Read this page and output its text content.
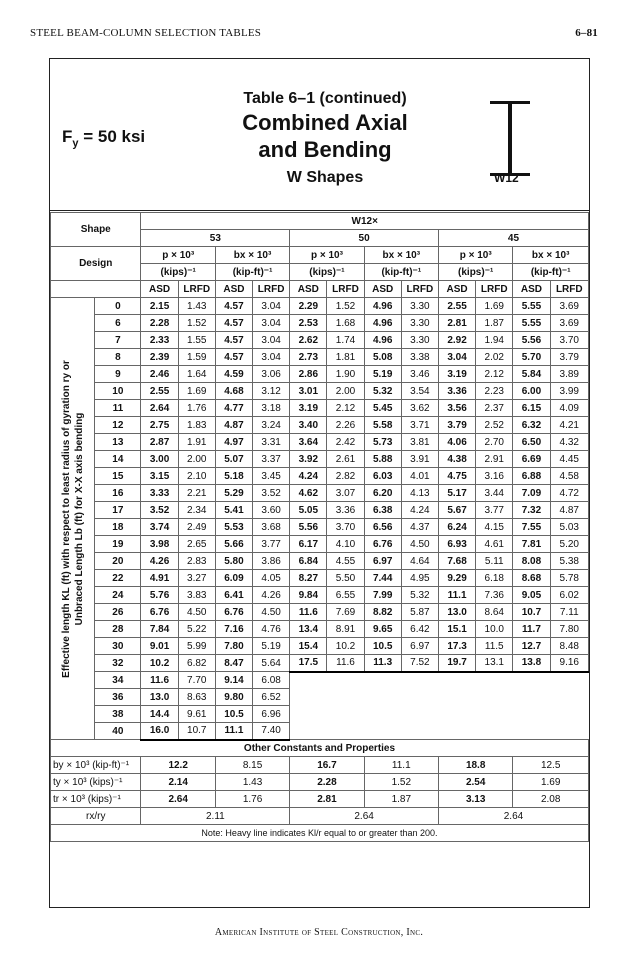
STEEL BEAM-COLUMN SELECTION TABLES	6–81
$F_y = 50$ ksi
Table 6–1 (continued)
Combined Axial
and Bending
W Shapes	W12
Shape		W12×											
		53				50				45			
Design		p × 10³		bx × 10³		p × 10³		bx × 10³		p × 10³		bx × 10³	
		(kips)⁻¹		(kip-ft)⁻¹		(kips)⁻¹		(kip-ft)⁻¹		(kips)⁻¹		(kip-ft)⁻¹	
		ASD	LRFD	ASD	LRFD	ASD	LRFD	ASD	LRFD	ASD	LRFD	ASD	LRFD

Effective length KL (ft) with respect to least radius of gyration ry or Unbraced Length Lb (ft) for X-X axis bending	0	2.15	1.43	4.57	3.04	2.29	1.52	4.96	3.30	2.55	1.69	5.55	3.69
	6	2.28	1.52	4.57	3.04	2.53	1.68	4.96	3.30	2.81	1.87	5.55	3.69
	7	2.33	1.55	4.57	3.04	2.62	1.74	4.96	3.30	2.92	1.94	5.56	3.70
	8	2.39	1.59	4.57	3.04	2.73	1.81	5.08	3.38	3.04	2.02	5.70	3.79
	9	2.46	1.64	4.59	3.06	2.86	1.90	5.19	3.46	3.19	2.12	5.84	3.89
	10	2.55	1.69	4.68	3.12	3.01	2.00	5.32	3.54	3.36	2.23	6.00	3.99
	11	2.64	1.76	4.77	3.18	3.19	2.12	5.45	3.62	3.56	2.37	6.15	4.09
	12	2.75	1.83	4.87	3.24	3.40	2.26	5.58	3.71	3.79	2.52	6.32	4.21
	13	2.87	1.91	4.97	3.31	3.64	2.42	5.73	3.81	4.06	2.70	6.50	4.32
	14	3.00	2.00	5.07	3.37	3.92	2.61	5.88	3.91	4.38	2.91	6.69	4.45
	15	3.15	2.10	5.18	3.45	4.24	2.82	6.03	4.01	4.75	3.16	6.88	4.58
	16	3.33	2.21	5.29	3.52	4.62	3.07	6.20	4.13	5.17	3.44	7.09	4.72
	17	3.52	2.34	5.41	3.60	5.05	3.36	6.38	4.24	5.67	3.77	7.32	4.87
	18	3.74	2.49	5.53	3.68	5.56	3.70	6.56	4.37	6.24	4.15	7.55	5.03
	19	3.98	2.65	5.66	3.77	6.17	4.10	6.76	4.50	6.93	4.61	7.81	5.20
	20	4.26	2.83	5.80	3.86	6.84	4.55	6.97	4.64	7.68	5.11	8.08	5.38
	22	4.91	3.27	6.09	4.05	8.27	5.50	7.44	4.95	9.29	6.18	8.68	5.78
	24	5.76	3.83	6.41	4.26	9.84	6.55	7.99	5.32	11.1	7.36	9.05	6.02
	26	6.76	4.50	6.76	4.50	11.6	7.69	8.82	5.87	13.0	8.64	10.7	7.11
	28	7.84	5.22	7.16	4.76	13.4	8.91	9.65	6.42	15.1	10.0	11.7	7.80
	30	9.01	5.99	7.80	5.19	15.4	10.2	10.5	6.97	17.3	11.5	12.7	8.48
	32	10.2	6.82	8.47	5.64	17.5	11.6	11.3	7.52	19.7	13.1	13.8	9.16
	34	11.6	7.70	9.14	6.08								
	36	13.0	8.63	9.80	6.52								
	38	14.4	9.61	10.5	6.96								
	40	16.0	10.7	11.1	7.40								
Other Constants and Properties													
by × 10³ (kip-ft)⁻¹		12.2		8.15		16.7		11.1		18.8		12.5	
ty × 10³ (kips)⁻¹		2.14		1.43		2.28		1.52		2.54		1.69	
tr × 10³ (kips)⁻¹		2.64		1.76		2.81		1.87		3.13		2.08	
rx/ry		2.11				2.64				2.64			
Note: Heavy line indicates Kl/r equal to or greater than 200.													
American Institute of Steel Construction, Inc.
